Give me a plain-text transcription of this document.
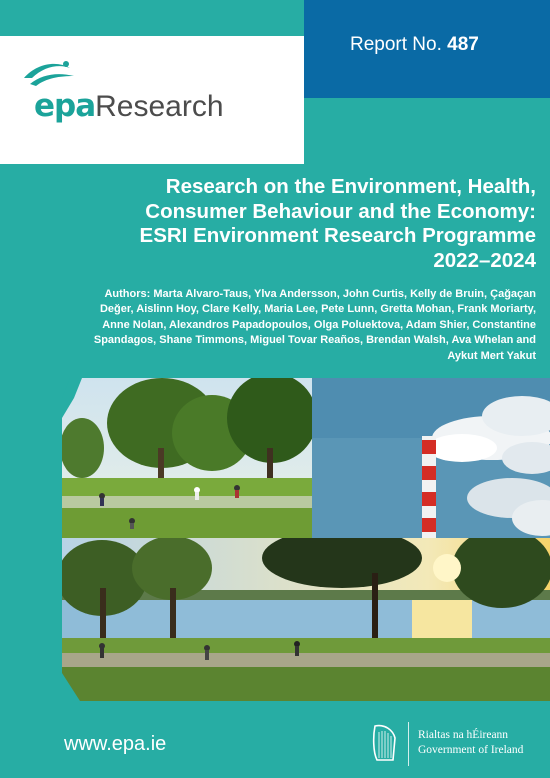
Report No. 487
epaResearch
Research on the Environment, Health,
Consumer Behaviour and the Economy:
ESRI Environment Research Programme
2022–2024
Authors: Marta Alvaro-Taus, Ylva Andersson, John Curtis, Kelly de Bruin, Çağaçan
Değer, Aislinn Hoy, Clare Kelly, Maria Lee, Pete Lunn, Gretta Mohan, Frank Moriarty,
Anne Nolan, Alexandros Papadopoulos, Olga Poluektova, Adam Shier, Constantine
Spandagos, Shane Timmons, Miguel Tovar Reaños, Brendan Walsh, Ava Whelan and
Aykut Mert Yakut
www.epa.ie	Rialtas na hÉireann
Government of Ireland
